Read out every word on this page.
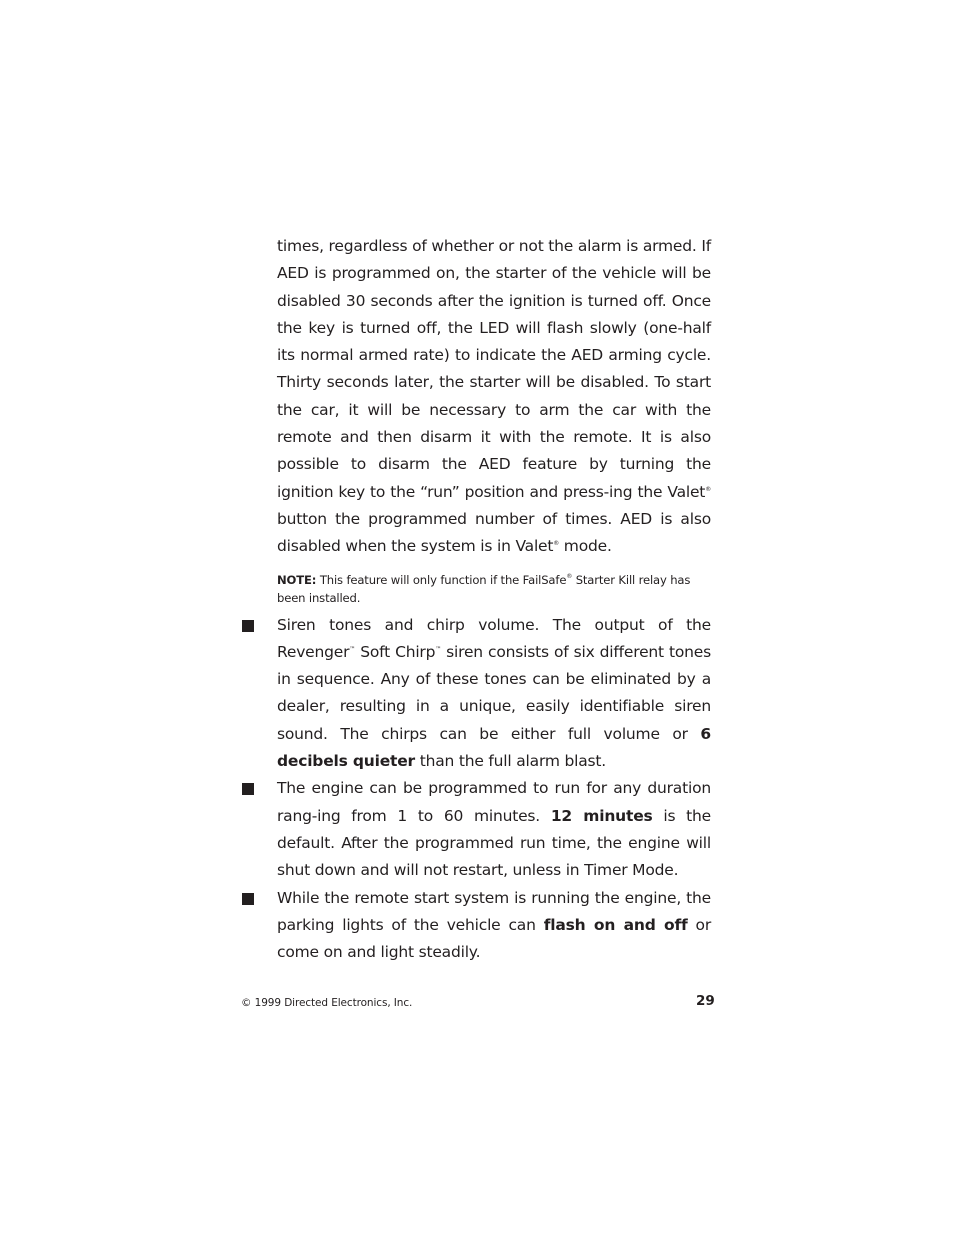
times, regardless of whether or not the alarm is armed. If AED is programmed on, the starter of the vehicle will be disabled 30 seconds after the ignition is turned off. Once the key is turned off, the LED will flash slowly (one-half its normal armed rate) to indicate the AED arming cycle. Thirty seconds later, the starter will be disabled. To start the car, it will be necessary to arm the car with the remote and then disarm it with the remote. It is also possible to disarm the AED feature by turning the ignition key to the “run” position and press-ing the Valet® button the programmed number of times. AED is also disabled when the system is in Valet® mode.

NOTE: This feature will only function if the FailSafe® Starter Kill relay has been installed.

Siren tones and chirp volume. The output of the Revenger™ Soft Chirp™ siren consists of six different tones in sequence. Any of these tones can be eliminated by a dealer, resulting in a unique, easily identifiable siren sound. The chirps can be either full volume or 6 decibels quieter than the full alarm blast.

The engine can be programmed to run for any duration rang-ing from 1 to 60 minutes. 12 minutes is the default. After the programmed run time, the engine will shut down and will not restart, unless in Timer Mode.

While the remote start system is running the engine, the parking lights of the vehicle can flash on and off or come on and light steadily.

© 1999 Directed Electronics, Inc.	29
